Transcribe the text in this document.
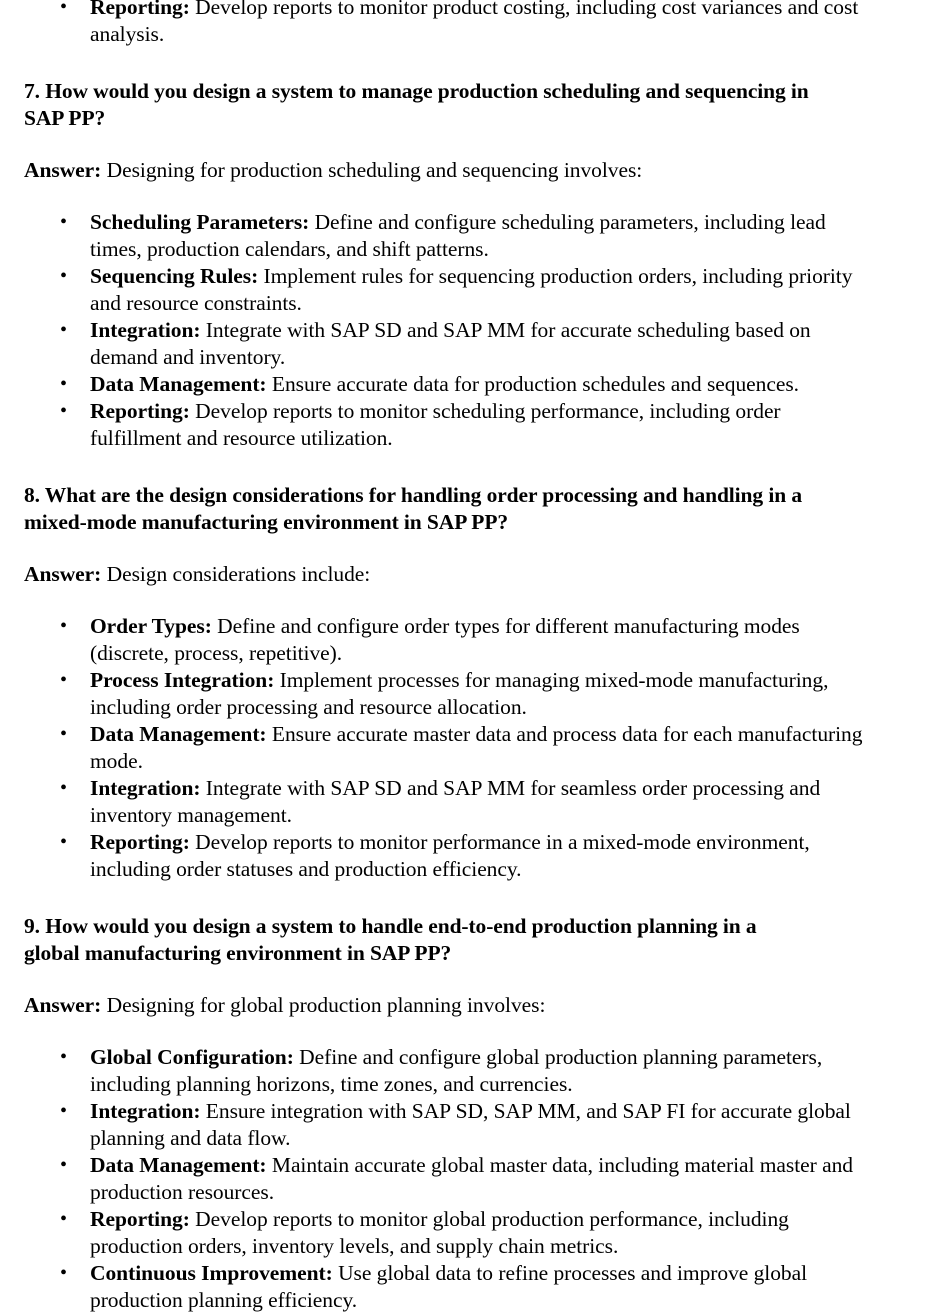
• Reporting: Develop reports to monitor product costing, including cost variances and cost analysis.
7. How would you design a system to manage production scheduling and sequencing in SAP PP?

Answer: Designing for production scheduling and sequencing involves:

• Scheduling Parameters: Define and configure scheduling parameters, including lead times, production calendars, and shift patterns.
• Sequencing Rules: Implement rules for sequencing production orders, including priority and resource constraints.
• Integration: Integrate with SAP SD and SAP MM for accurate scheduling based on demand and inventory.
• Data Management: Ensure accurate data for production schedules and sequences.
• Reporting: Develop reports to monitor scheduling performance, including order fulfillment and resource utilization.
8. What are the design considerations for handling order processing and handling in a mixed-mode manufacturing environment in SAP PP?

Answer: Design considerations include:

• Order Types: Define and configure order types for different manufacturing modes (discrete, process, repetitive).
• Process Integration: Implement processes for managing mixed-mode manufacturing, including order processing and resource allocation.
• Data Management: Ensure accurate master data and process data for each manufacturing mode.
• Integration: Integrate with SAP SD and SAP MM for seamless order processing and inventory management.
• Reporting: Develop reports to monitor performance in a mixed-mode environment, including order statuses and production efficiency.
9. How would you design a system to handle end-to-end production planning in a global manufacturing environment in SAP PP?

Answer: Designing for global production planning involves:

• Global Configuration: Define and configure global production planning parameters, including planning horizons, time zones, and currencies.
• Integration: Ensure integration with SAP SD, SAP MM, and SAP FI for accurate global planning and data flow.
• Data Management: Maintain accurate global master data, including material master and production resources.
• Reporting: Develop reports to monitor global production performance, including production orders, inventory levels, and supply chain metrics.
• Continuous Improvement: Use global data to refine processes and improve global production planning efficiency.
